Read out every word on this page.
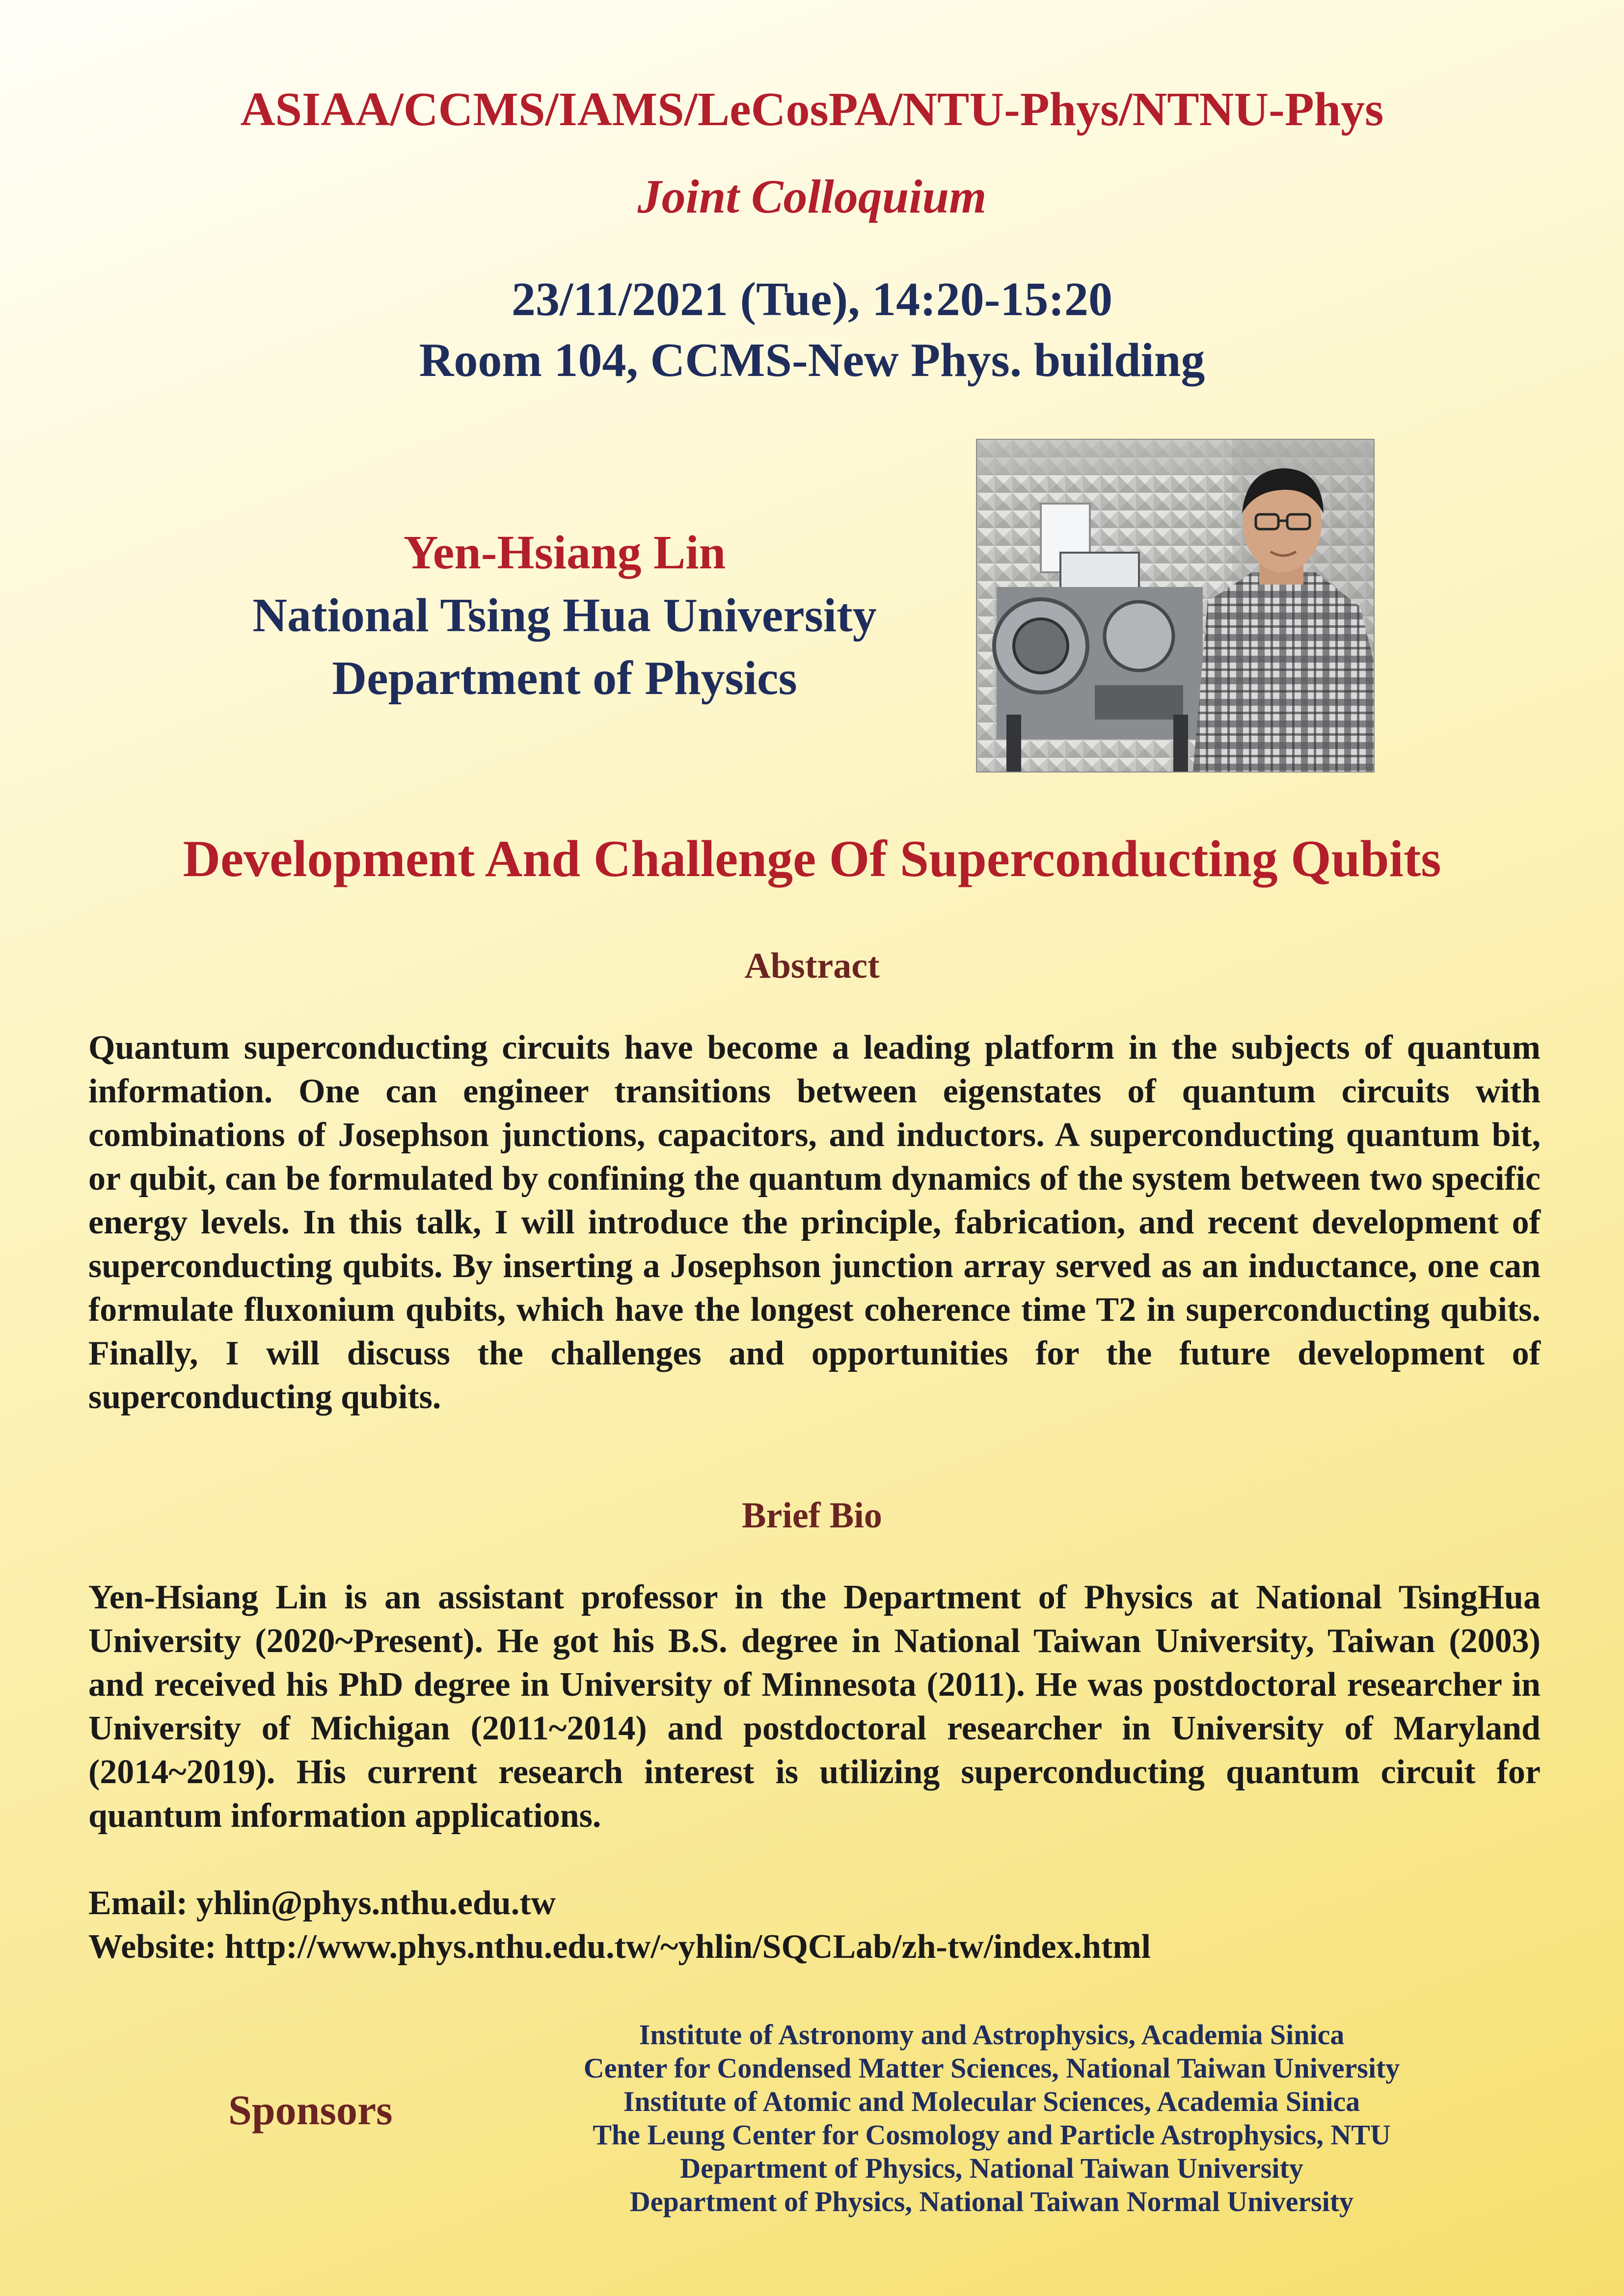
ASIAA/CCMS/IAMS/LeCosPA/NTU-Phys/NTNU-Phys
Joint Colloquium
23/11/2021 (Tue), 14:20-15:20
Room 104, CCMS-New Phys. building
Yen-Hsiang Lin
National Tsing Hua University
Department of Physics
Development And Challenge Of Superconducting Qubits
Abstract

Quantum superconducting circuits have become a leading platform in the subjects of quantum information. One can engineer transitions between eigenstates of quantum circuits with combinations of Josephson junctions, capacitors, and inductors. A superconducting quantum bit, or qubit, can be formulated by confining the quantum dynamics of the system between two specific energy levels. In this talk, I will introduce the principle, fabrication, and recent development of superconducting qubits. By inserting a Josephson junction array served as an inductance, one can formulate fluxonium qubits, which have the longest coherence time T2 in superconducting qubits. Finally, I will discuss the challenges and opportunities for the future development of superconducting qubits.

Brief Bio

Yen-Hsiang Lin is an assistant professor in the Department of Physics at National TsingHua University (2020~Present). He got his B.S. degree in National Taiwan University, Taiwan (2003) and received his PhD degree in University of Minnesota (2011). He was postdoctoral researcher in University of Michigan (2011~2014) and postdoctoral researcher in University of Maryland (2014~2019). His current research interest is utilizing superconducting quantum circuit for quantum information applications.

Email: yhlin@phys.nthu.edu.tw
Website: http://www.phys.nthu.edu.tw/~yhlin/SQCLab/zh-tw/index.html
Sponsors
Institute of Astronomy and Astrophysics, Academia Sinica
Center for Condensed Matter Sciences, National Taiwan University
Institute of Atomic and Molecular Sciences, Academia Sinica
The Leung Center for Cosmology and Particle Astrophysics, NTU
Department of Physics, National Taiwan University
Department of Physics, National Taiwan Normal University
